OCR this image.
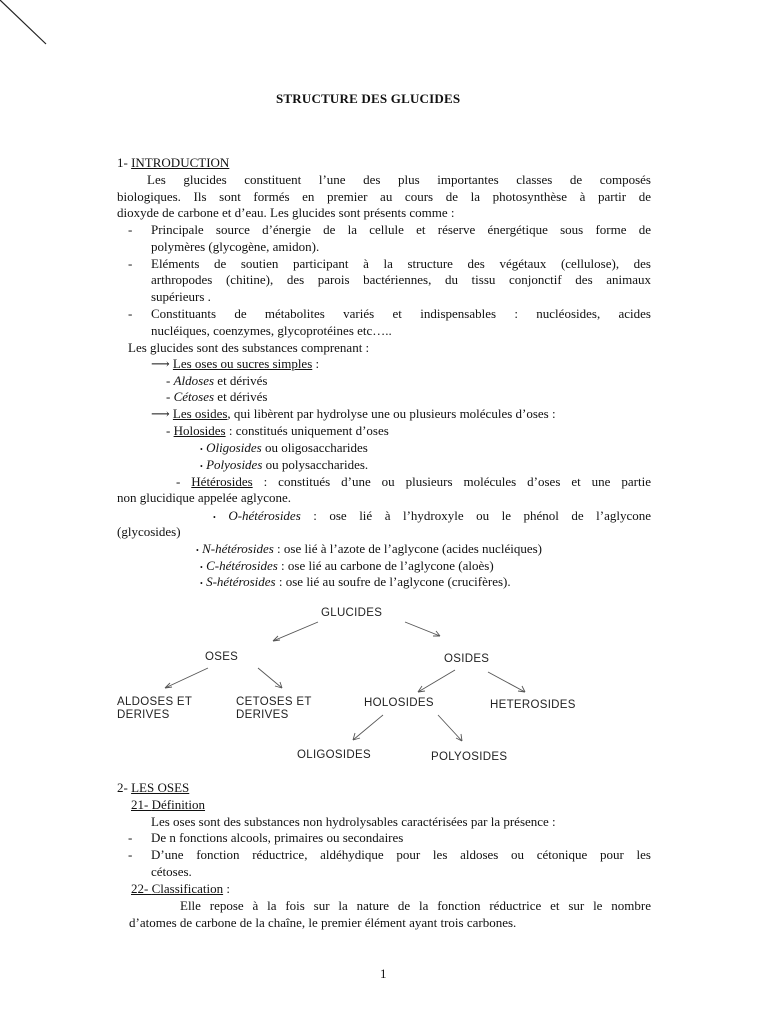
STRUCTURE DES GLUCIDES
1- INTRODUCTION
Les glucides constituent l’une des plus importantes classes de composés
biologiques. Ils sont formés en premier au cours de la photosynthèse à partir de
dioxyde de carbone et d’eau. Les glucides sont présents comme :
- Principale source d’énergie de la cellule et réserve énergétique sous forme de
polymères (glycogène, amidon).
- Eléments de soutien participant à la structure des végétaux (cellulose), des
arthropodes (chitine), des parois bactériennes, du tissu conjonctif des animaux
supérieurs .
- Constituants de métabolites variés et indispensables : nucléosides, acides
nucléiques, coenzymes, glycoprotéines etc…..
Les glucides sont des substances comprenant :
⟶ Les oses ou sucres simples :
- Aldoses et dérivés
- Cétoses et dérivés
⟶ Les osides, qui libèrent par hydrolyse une ou plusieurs molécules d’oses :
- Holosides : constitués uniquement d’oses
• Oligosides ou oligosaccharides
• Polyosides ou polysaccharides.
- Hétérosides : constitués d’une ou plusieurs molécules d’oses et une partie
non glucidique appelée aglycone.
• O-hétérosides : ose lié à l’hydroxyle ou le phénol de l’aglycone
(glycosides)
• N-hétérosides : ose lié à l’azote de l’aglycone (acides nucléiques)
• C-hétérosides : ose lié au carbone de l’aglycone (aloès)
• S-hétérosides : ose lié au soufre de l’aglycone (crucifères).
GLUCIDES
OSES	OSIDES
ALDOSES ET
DERIVES
CETOSES ET
DERIVES
HOLOSIDES	HETEROSIDES
OLIGOSIDES	POLYOSIDES
2- LES OSES
21- Définition
Les oses sont des substances non hydrolysables caractérisées par la présence :
- De n fonctions alcools, primaires ou secondaires
- D’une fonction réductrice, aldéhydique pour les aldoses ou cétonique pour les
cétoses.
22- Classification :
Elle repose à la fois sur la nature de la fonction réductrice et sur le nombre
d’atomes de carbone de la chaîne, le premier élément ayant trois carbones.
1
